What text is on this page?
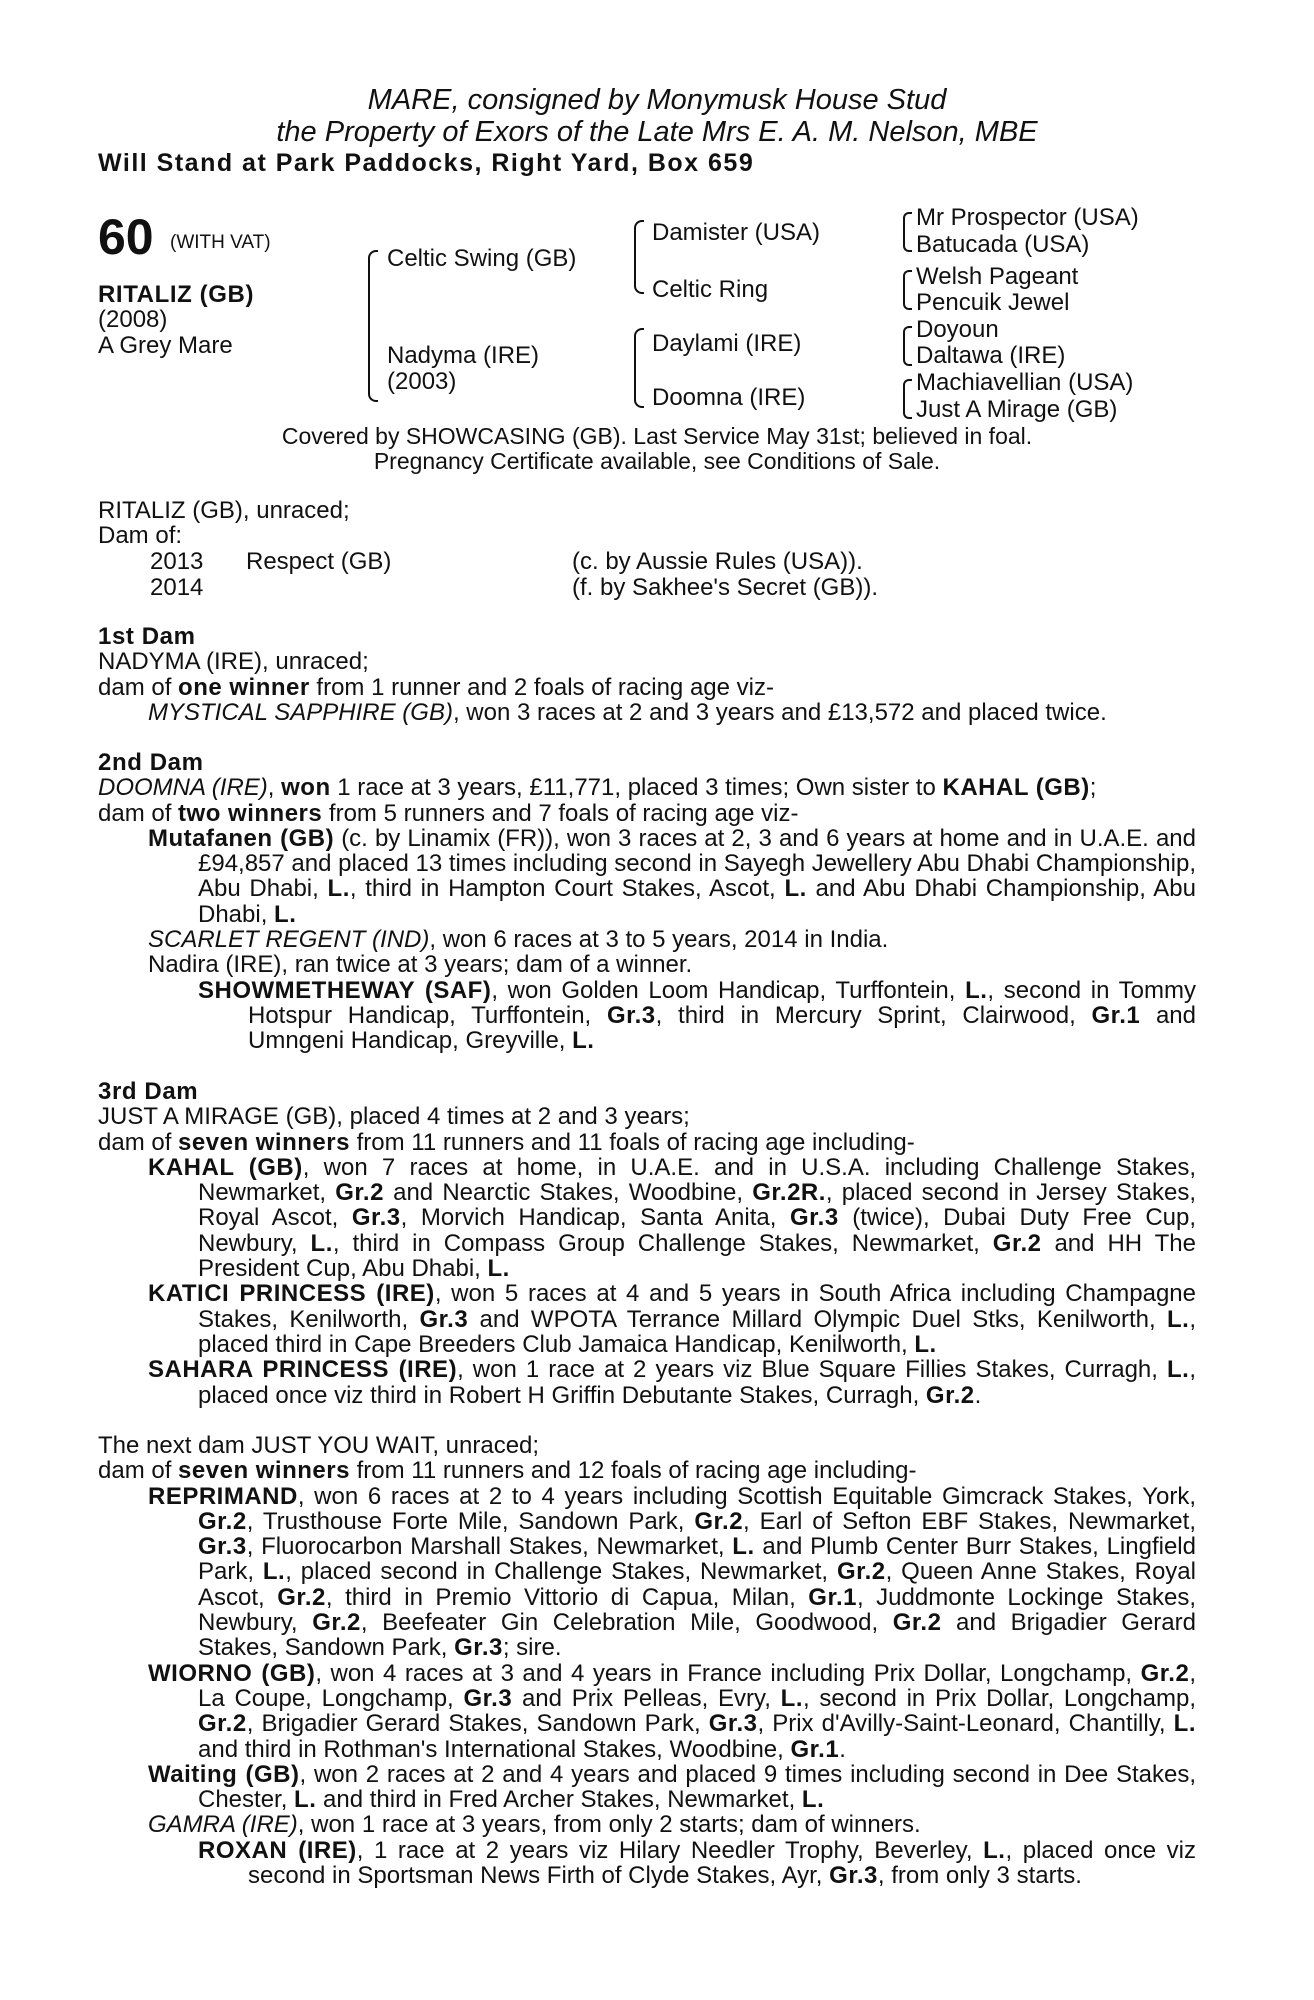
MARE, consigned by Monymusk House Stud
the Property of Exors of the Late Mrs E. A. M. Nelson, MBE
Will Stand at Park Paddocks, Right Yard, Box 659
60 (WITH VAT)
RITALIZ (GB)
(2008)
A Grey Mare
Celtic Swing (GB)
Nadyma (IRE)
(2003)
Damister (USA)
Celtic Ring
Daylami (IRE)
Doomna (IRE)
Mr Prospector (USA)
Batucada (USA)
Welsh Pageant
Pencuik Jewel
Doyoun
Daltawa (IRE)
Machiavellian (USA)
Just A Mirage (GB)
Covered by SHOWCASING (GB). Last Service May 31st; believed in foal.
Pregnancy Certificate available, see Conditions of Sale.
RITALIZ (GB), unraced;
Dam of:
2013 Respect (GB)	(c. by Aussie Rules (USA)).
2014	(f. by Sakhee's Secret (GB)).
1st Dam
NADYMA (IRE), unraced;
dam of one winner from 1 runner and 2 foals of racing age viz-
MYSTICAL SAPPHIRE (GB), won 3 races at 2 and 3 years and £13,572 and placed twice.
2nd Dam
DOOMNA (IRE), won 1 race at 3 years, £11,771, placed 3 times; Own sister to KAHAL (GB);
dam of two winners from 5 runners and 7 foals of racing age viz-
Mutafanen (GB) (c. by Linamix (FR)), won 3 races at 2, 3 and 6 years at home and in U.A.E. and £94,857 and placed 13 times including second in Sayegh Jewellery Abu Dhabi Championship, Abu Dhabi, L., third in Hampton Court Stakes, Ascot, L. and Abu Dhabi Championship, Abu Dhabi, L.
SCARLET REGENT (IND), won 6 races at 3 to 5 years, 2014 in India.
Nadira (IRE), ran twice at 3 years; dam of a winner.
SHOWMETHEWAY (SAF), won Golden Loom Handicap, Turffontein, L., second in Tommy Hotspur Handicap, Turffontein, Gr.3, third in Mercury Sprint, Clairwood, Gr.1 and Umngeni Handicap, Greyville, L.
3rd Dam
JUST A MIRAGE (GB), placed 4 times at 2 and 3 years;
dam of seven winners from 11 runners and 11 foals of racing age including-
KAHAL (GB), won 7 races at home, in U.A.E. and in U.S.A. including Challenge Stakes, Newmarket, Gr.2 and Nearctic Stakes, Woodbine, Gr.2R., placed second in Jersey Stakes, Royal Ascot, Gr.3, Morvich Handicap, Santa Anita, Gr.3 (twice), Dubai Duty Free Cup, Newbury, L., third in Compass Group Challenge Stakes, Newmarket, Gr.2 and HH The President Cup, Abu Dhabi, L.
KATICI PRINCESS (IRE), won 5 races at 4 and 5 years in South Africa including Champagne Stakes, Kenilworth, Gr.3 and WPOTA Terrance Millard Olympic Duel Stks, Kenilworth, L., placed third in Cape Breeders Club Jamaica Handicap, Kenilworth, L.
SAHARA PRINCESS (IRE), won 1 race at 2 years viz Blue Square Fillies Stakes, Curragh, L., placed once viz third in Robert H Griffin Debutante Stakes, Curragh, Gr.2.
The next dam JUST YOU WAIT, unraced;
dam of seven winners from 11 runners and 12 foals of racing age including-
REPRIMAND, won 6 races at 2 to 4 years including Scottish Equitable Gimcrack Stakes, York, Gr.2, Trusthouse Forte Mile, Sandown Park, Gr.2, Earl of Sefton EBF Stakes, Newmarket, Gr.3, Fluorocarbon Marshall Stakes, Newmarket, L. and Plumb Center Burr Stakes, Lingfield Park, L., placed second in Challenge Stakes, Newmarket, Gr.2, Queen Anne Stakes, Royal Ascot, Gr.2, third in Premio Vittorio di Capua, Milan, Gr.1, Juddmonte Lockinge Stakes, Newbury, Gr.2, Beefeater Gin Celebration Mile, Goodwood, Gr.2 and Brigadier Gerard Stakes, Sandown Park, Gr.3; sire.
WIORNO (GB), won 4 races at 3 and 4 years in France including Prix Dollar, Longchamp, Gr.2, La Coupe, Longchamp, Gr.3 and Prix Pelleas, Evry, L., second in Prix Dollar, Longchamp, Gr.2, Brigadier Gerard Stakes, Sandown Park, Gr.3, Prix d'Avilly-Saint-Leonard, Chantilly, L. and third in Rothman's International Stakes, Woodbine, Gr.1.
Waiting (GB), won 2 races at 2 and 4 years and placed 9 times including second in Dee Stakes, Chester, L. and third in Fred Archer Stakes, Newmarket, L.
GAMRA (IRE), won 1 race at 3 years, from only 2 starts; dam of winners.
ROXAN (IRE), 1 race at 2 years viz Hilary Needler Trophy, Beverley, L., placed once viz second in Sportsman News Firth of Clyde Stakes, Ayr, Gr.3, from only 3 starts.
